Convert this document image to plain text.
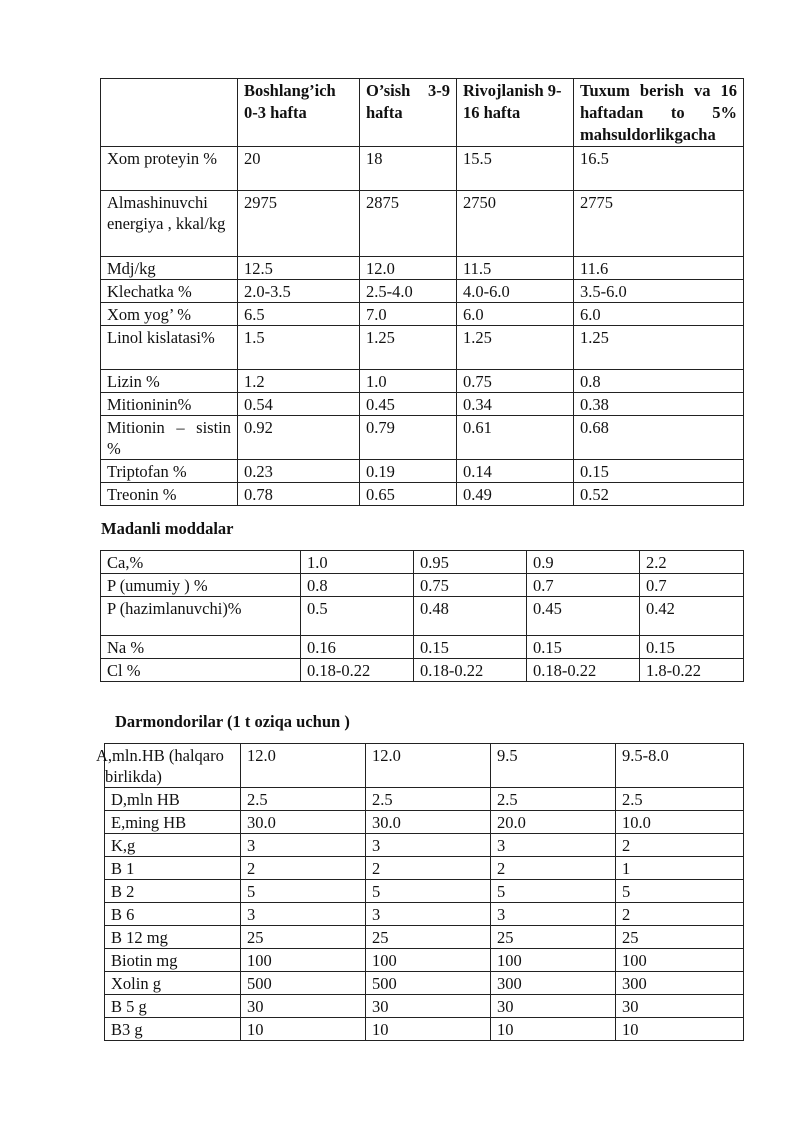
	Boshlang’ich 0-3 hafta	O’sish 3-9 hafta	Rivojlanish 9-16 hafta	Tuxum berish va 16 haftadan to 5% mahsuldorlikgacha
Xom proteyin %	20	18	15.5	16.5
Almashinuvchi energiya , kkal/kg	2975	2875	2750	2775
Mdj/kg	12.5	12.0	11.5	11.6
Klechatka %	2.0-3.5	2.5-4.0	4.0-6.0	3.5-6.0
Xom yog’ %	6.5	7.0	6.0	6.0
Linol kislatasi%	1.5	1.25	1.25	1.25
Lizin %	1.2	1.0	0.75	0.8
Mitioninin%	0.54	0.45	0.34	0.38
Mitionin – sistin %	0.92	0.79	0.61	0.68
Triptofan %	0.23	0.19	0.14	0.15
Treonin %	0.78	0.65	0.49	0.52
Madanli moddalar
Ca,%	1.0	0.95	0.9	2.2
P (umumiy ) %	0.8	0.75	0.7	0.7
P (hazimlanuvchi)%	0.5	0.48	0.45	0.42
Na %	0.16	0.15	0.15	0.15
Cl %	0.18-0.22	0.18-0.22	0.18-0.22	1.8-0.22
Darmondorilar (1 t oziqa uchun )
A,mln.HB (halqaro birlikda)	12.0	12.0	9.5	9.5-8.0
D,mln HB	2.5	2.5	2.5	2.5
E,ming HB	30.0	30.0	20.0	10.0
K,g	3	3	3	2
B 1	2	2	2	1
B 2	5	5	5	5
B 6	3	3	3	2
B 12 mg	25	25	25	25
Biotin mg	100	100	100	100
Xolin g	500	500	300	300
B 5 g	30	30	30	30
B3 g	10	10	10	10
